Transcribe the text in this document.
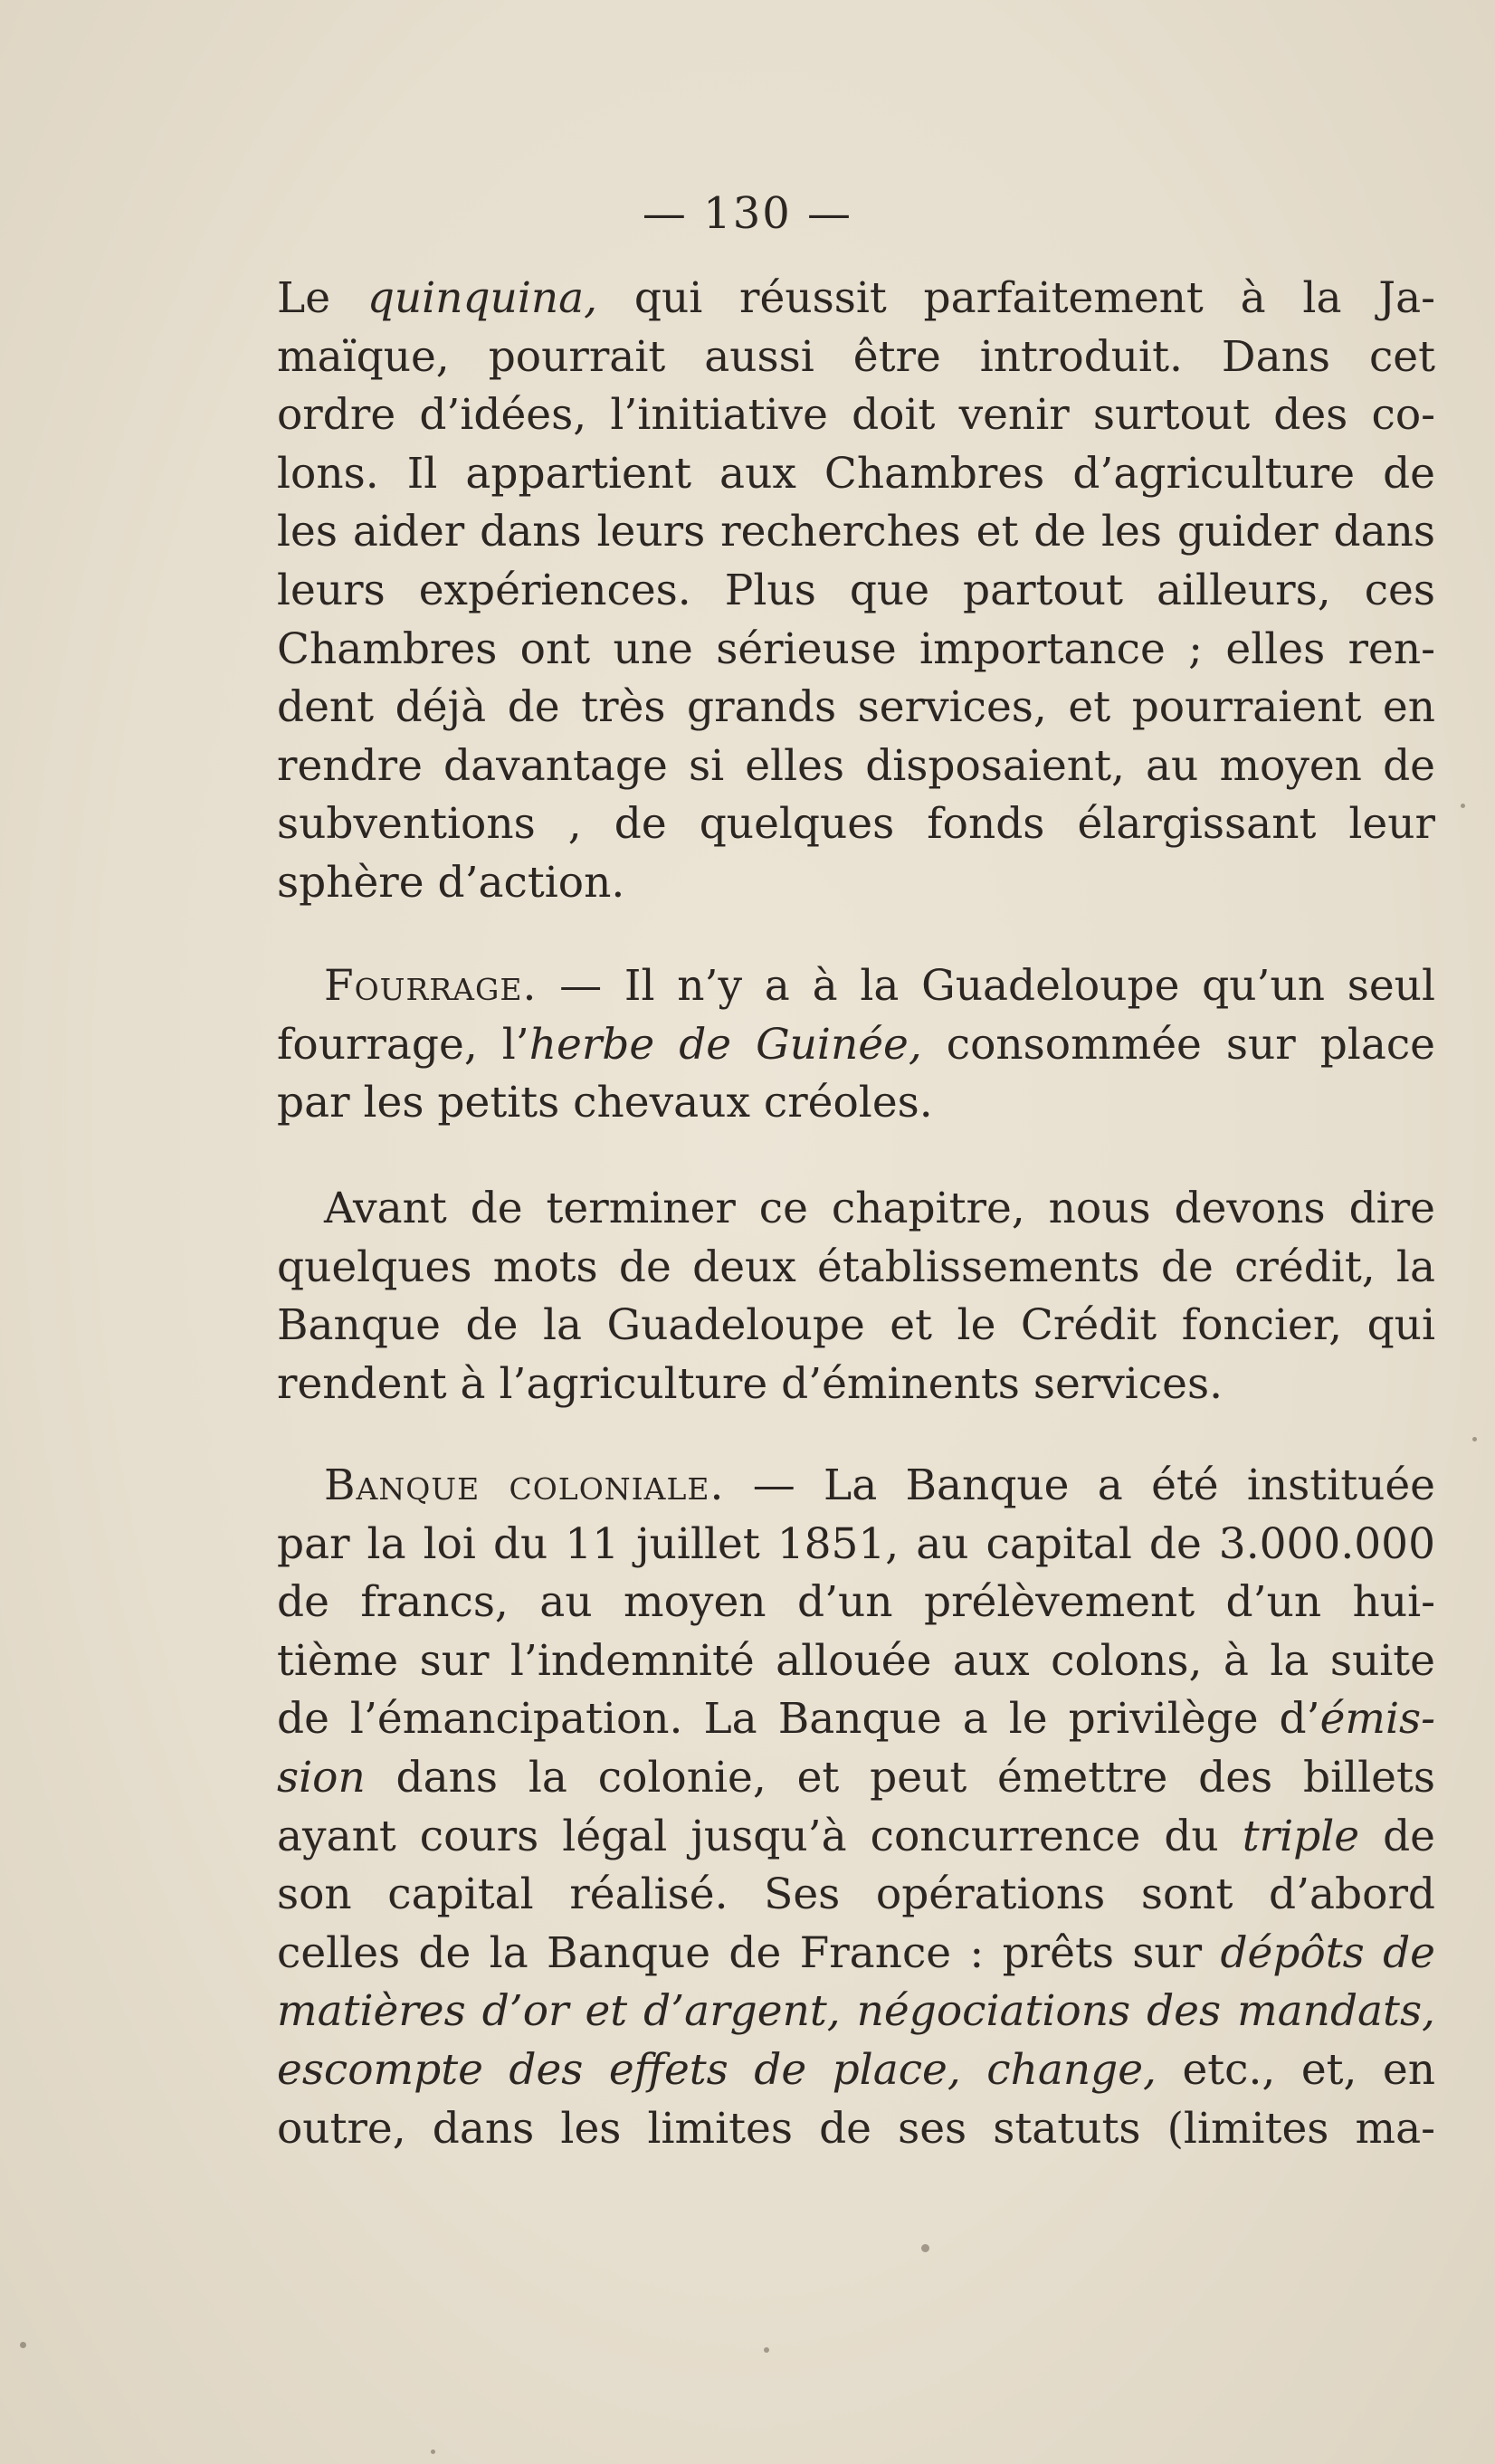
— 130 —
Le quinquina, qui réussit parfaitement à la Ja-
maïque, pourrait aussi être introduit. Dans cet
ordre d’idées, l’initiative doit venir surtout des co-
lons. Il appartient aux Chambres d’agriculture de
les aider dans leurs recherches et de les guider dans
leurs expériences. Plus que partout ailleurs, ces
Chambres ont une sérieuse importance ; elles ren-
dent déjà de très grands services, et pourraient en
rendre davantage si elles disposaient, au moyen de
subventions , de quelques fonds élargissant leur
sphère d’action.
Fourrage. — Il n’y a à la Guadeloupe qu’un seul
fourrage, l’herbe de Guinée, consommée sur place
par les petits chevaux créoles.
Avant de terminer ce chapitre, nous devons dire
quelques mots de deux établissements de crédit, la
Banque de la Guadeloupe et le Crédit foncier, qui
rendent à l’agriculture d’éminents services.
Banque coloniale. — La Banque a été instituée
par la loi du 11 juillet 1851, au capital de 3.000.000
de francs, au moyen d’un prélèvement d’un hui-
tième sur l’indemnité allouée aux colons, à la suite
de l’émancipation. La Banque a le privilège d’émis-
sion dans la colonie, et peut émettre des billets
ayant cours légal jusqu’à concurrence du triple de
son capital réalisé. Ses opérations sont d’abord
celles de la Banque de France : prêts sur dépôts de
matières d’or et d’argent, négociations des mandats,
escompte des effets de place, change, etc., et, en
outre, dans les limites de ses statuts (limites ma-
